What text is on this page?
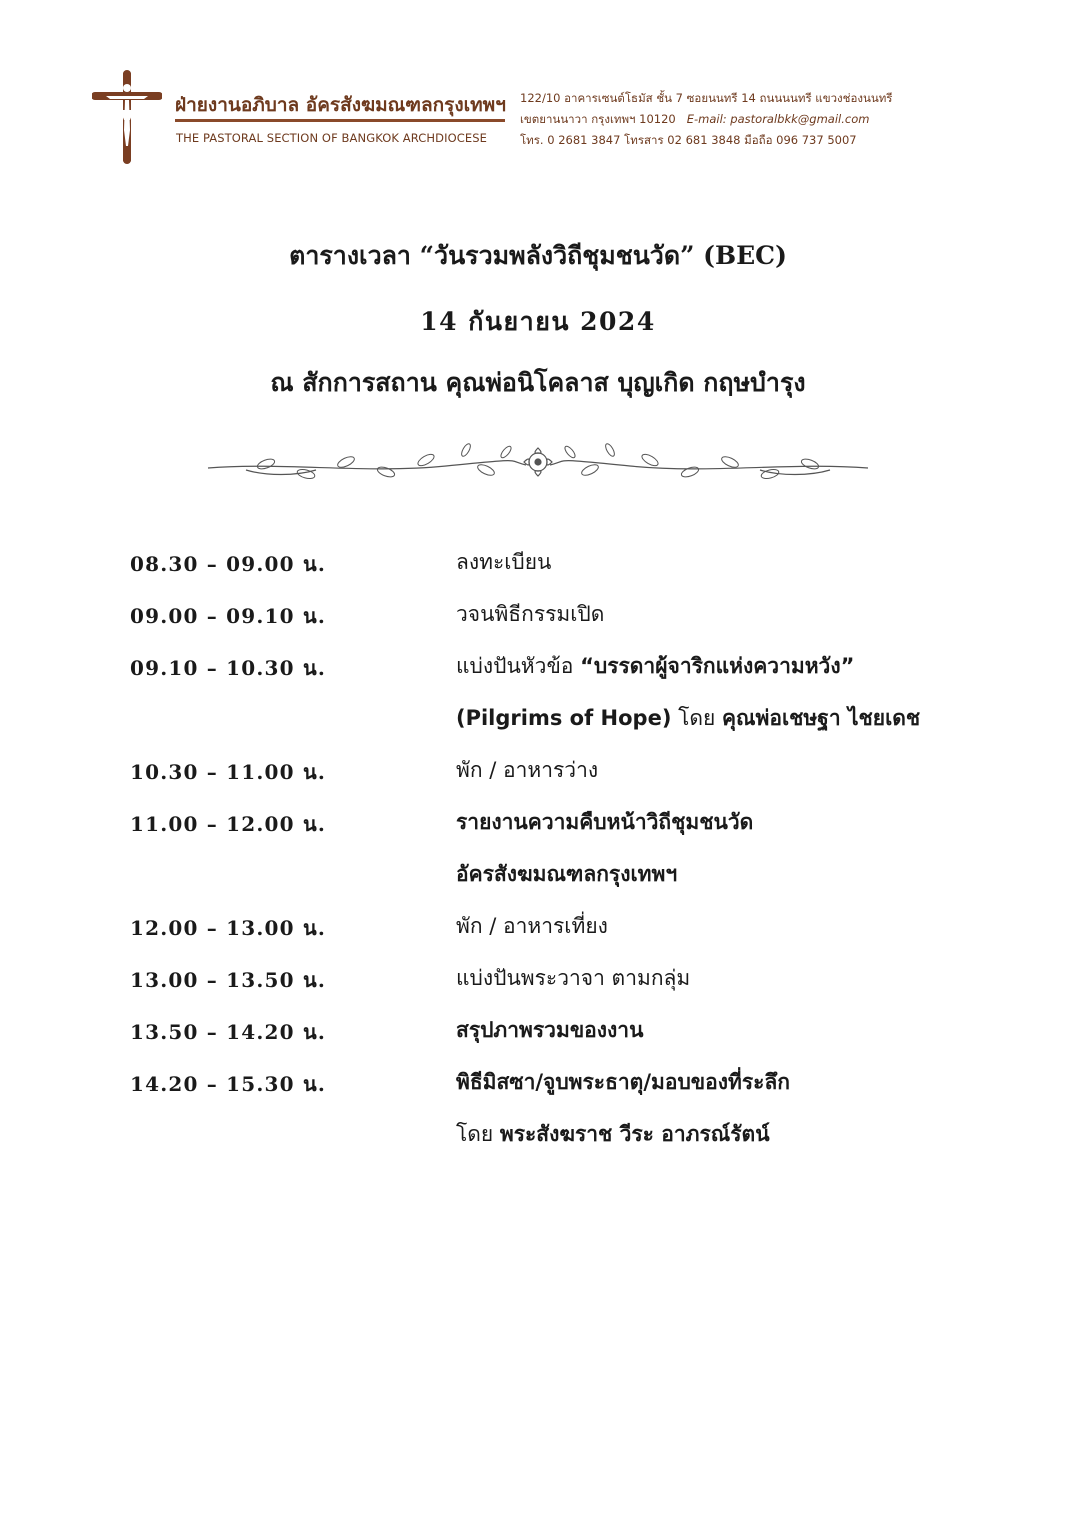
ฝ่ายงานอภิบาล อัครสังฆมณฑลกรุงเทพฯ
THE PASTORAL SECTION OF BANGKOK ARCHDIOCESE
122/10 อาคารเซนต์โธมัส ชั้น 7 ซอยนนทรี 14 ถนนนนทรี แขวงช่องนนทรี
เขตยานนาวา กรุงเทพฯ 10120 E-mail: pastoralbkk@gmail.com
โทร. 0 2681 3847 โทรสาร 02 681 3848 มือถือ 096 737 5007
ตารางเวลา “วันรวมพลังวิถีชุมชนวัด” (BEC)
14 กันยายน 2024
ณ สักการสถาน คุณพ่อนิโคลาส บุญเกิด กฤษบำรุง
08.30 – 09.00 น.	ลงทะเบียน
09.00 – 09.10 น.	วจนพิธีกรรมเปิด
09.10 – 10.30 น.	แบ่งปันหัวข้อ “บรรดาผู้จาริกแห่งความหวัง”
(Pilgrims of Hope) โดย คุณพ่อเชษฐา ไชยเดช
10.30 – 11.00 น.	พัก / อาหารว่าง
11.00 – 12.00 น.	รายงานความคืบหน้าวิถีชุมชนวัด
อัครสังฆมณฑลกรุงเทพฯ
12.00 – 13.00 น.	พัก / อาหารเที่ยง
13.00 – 13.50 น.	แบ่งปันพระวาจา ตามกลุ่ม
13.50 – 14.20 น.	สรุปภาพรวมของงาน
14.20 – 15.30 น.	พิธีมิสซา/จูบพระธาตุ/มอบของที่ระลึก
โดย พระสังฆราช วีระ อาภรณ์รัตน์
